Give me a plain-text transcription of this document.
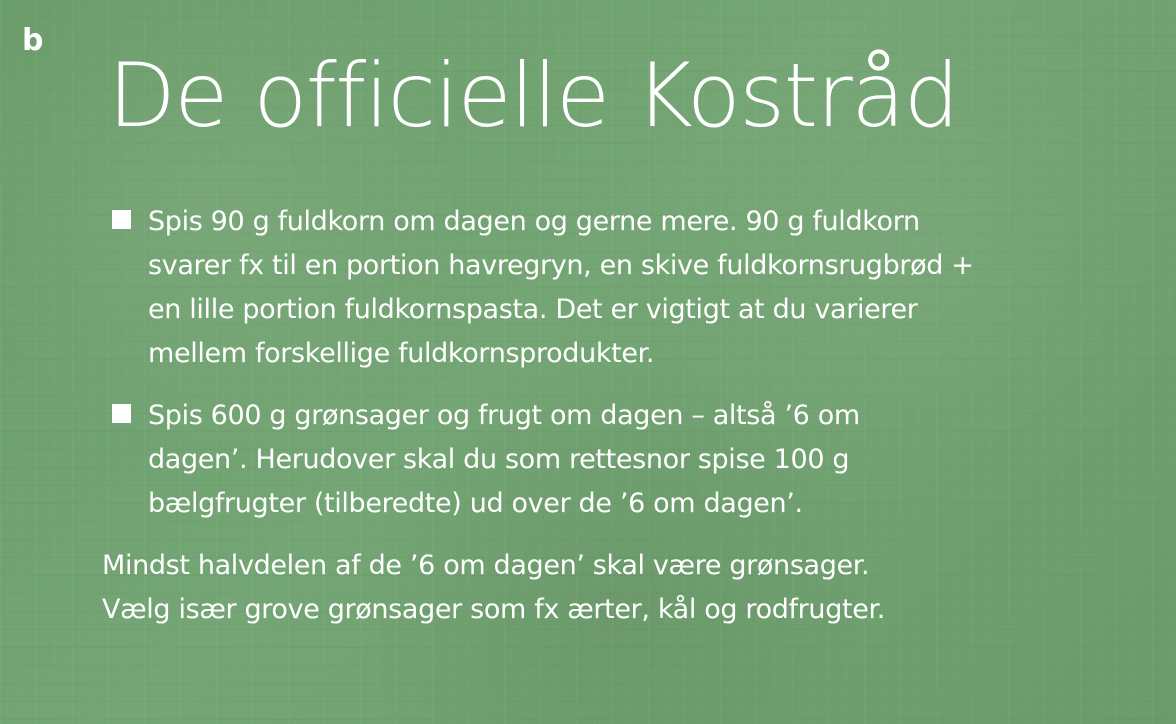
b
De officielle Kostråd
Spis 90 g fuldkorn om dagen og gerne mere. 90 g fuldkorn
svarer fx til en portion havregryn, en skive fuldkornsrugbrød +
en lille portion fuldkornspasta. Det er vigtigt at du varierer
mellem forskellige fuldkornsprodukter.
Spis 600 g grønsager og frugt om dagen – altså ’6 om
dagen’. Herudover skal du som rettesnor spise 100 g
bælgfrugter (tilberedte) ud over de ’6 om dagen’.

Mindst halvdelen af de ’6 om dagen’ skal være grønsager.
Vælg især grove grønsager som fx ærter, kål og rodfrugter.
